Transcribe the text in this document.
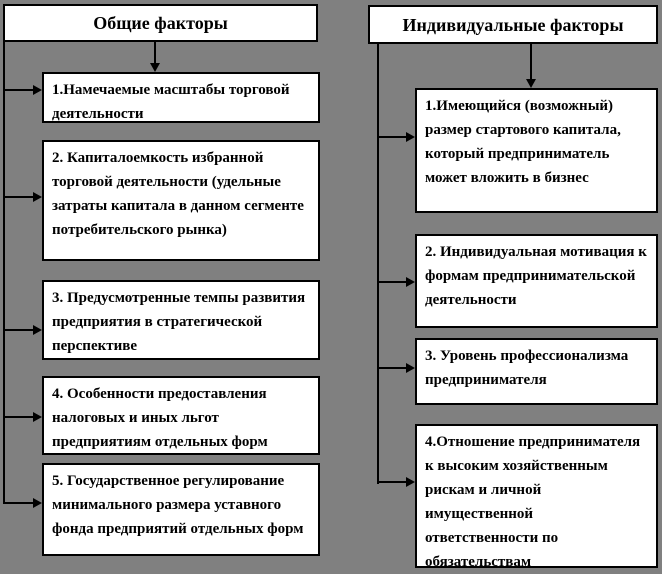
Общие факторы
1.Намечаемые масштабы торговой деятельности
2. Капиталоемкость избранной торговой деятельности (удельные затраты капитала в данном сегменте потребительского рынка)
3. Предусмотренные темпы развития предприятия в стратегической перспективе
4. Особенности предоставления налоговых и иных льгот предприятиям отдельных форм
5. Государственное регулирование минимального размера уставного фонда предприятий отдельных форм
Индивидуальные факторы
1.Имеющийся (возможный) размер стартового капитала, который предприниматель может вложить в бизнес
2. Индивидуальная мотивация к формам предпринимательской деятельности
3. Уровень профессионализма предпринимателя
4.Отношение предпринимателя к высоким хозяйственным рискам и личной имущественной ответственности по обязательствам
